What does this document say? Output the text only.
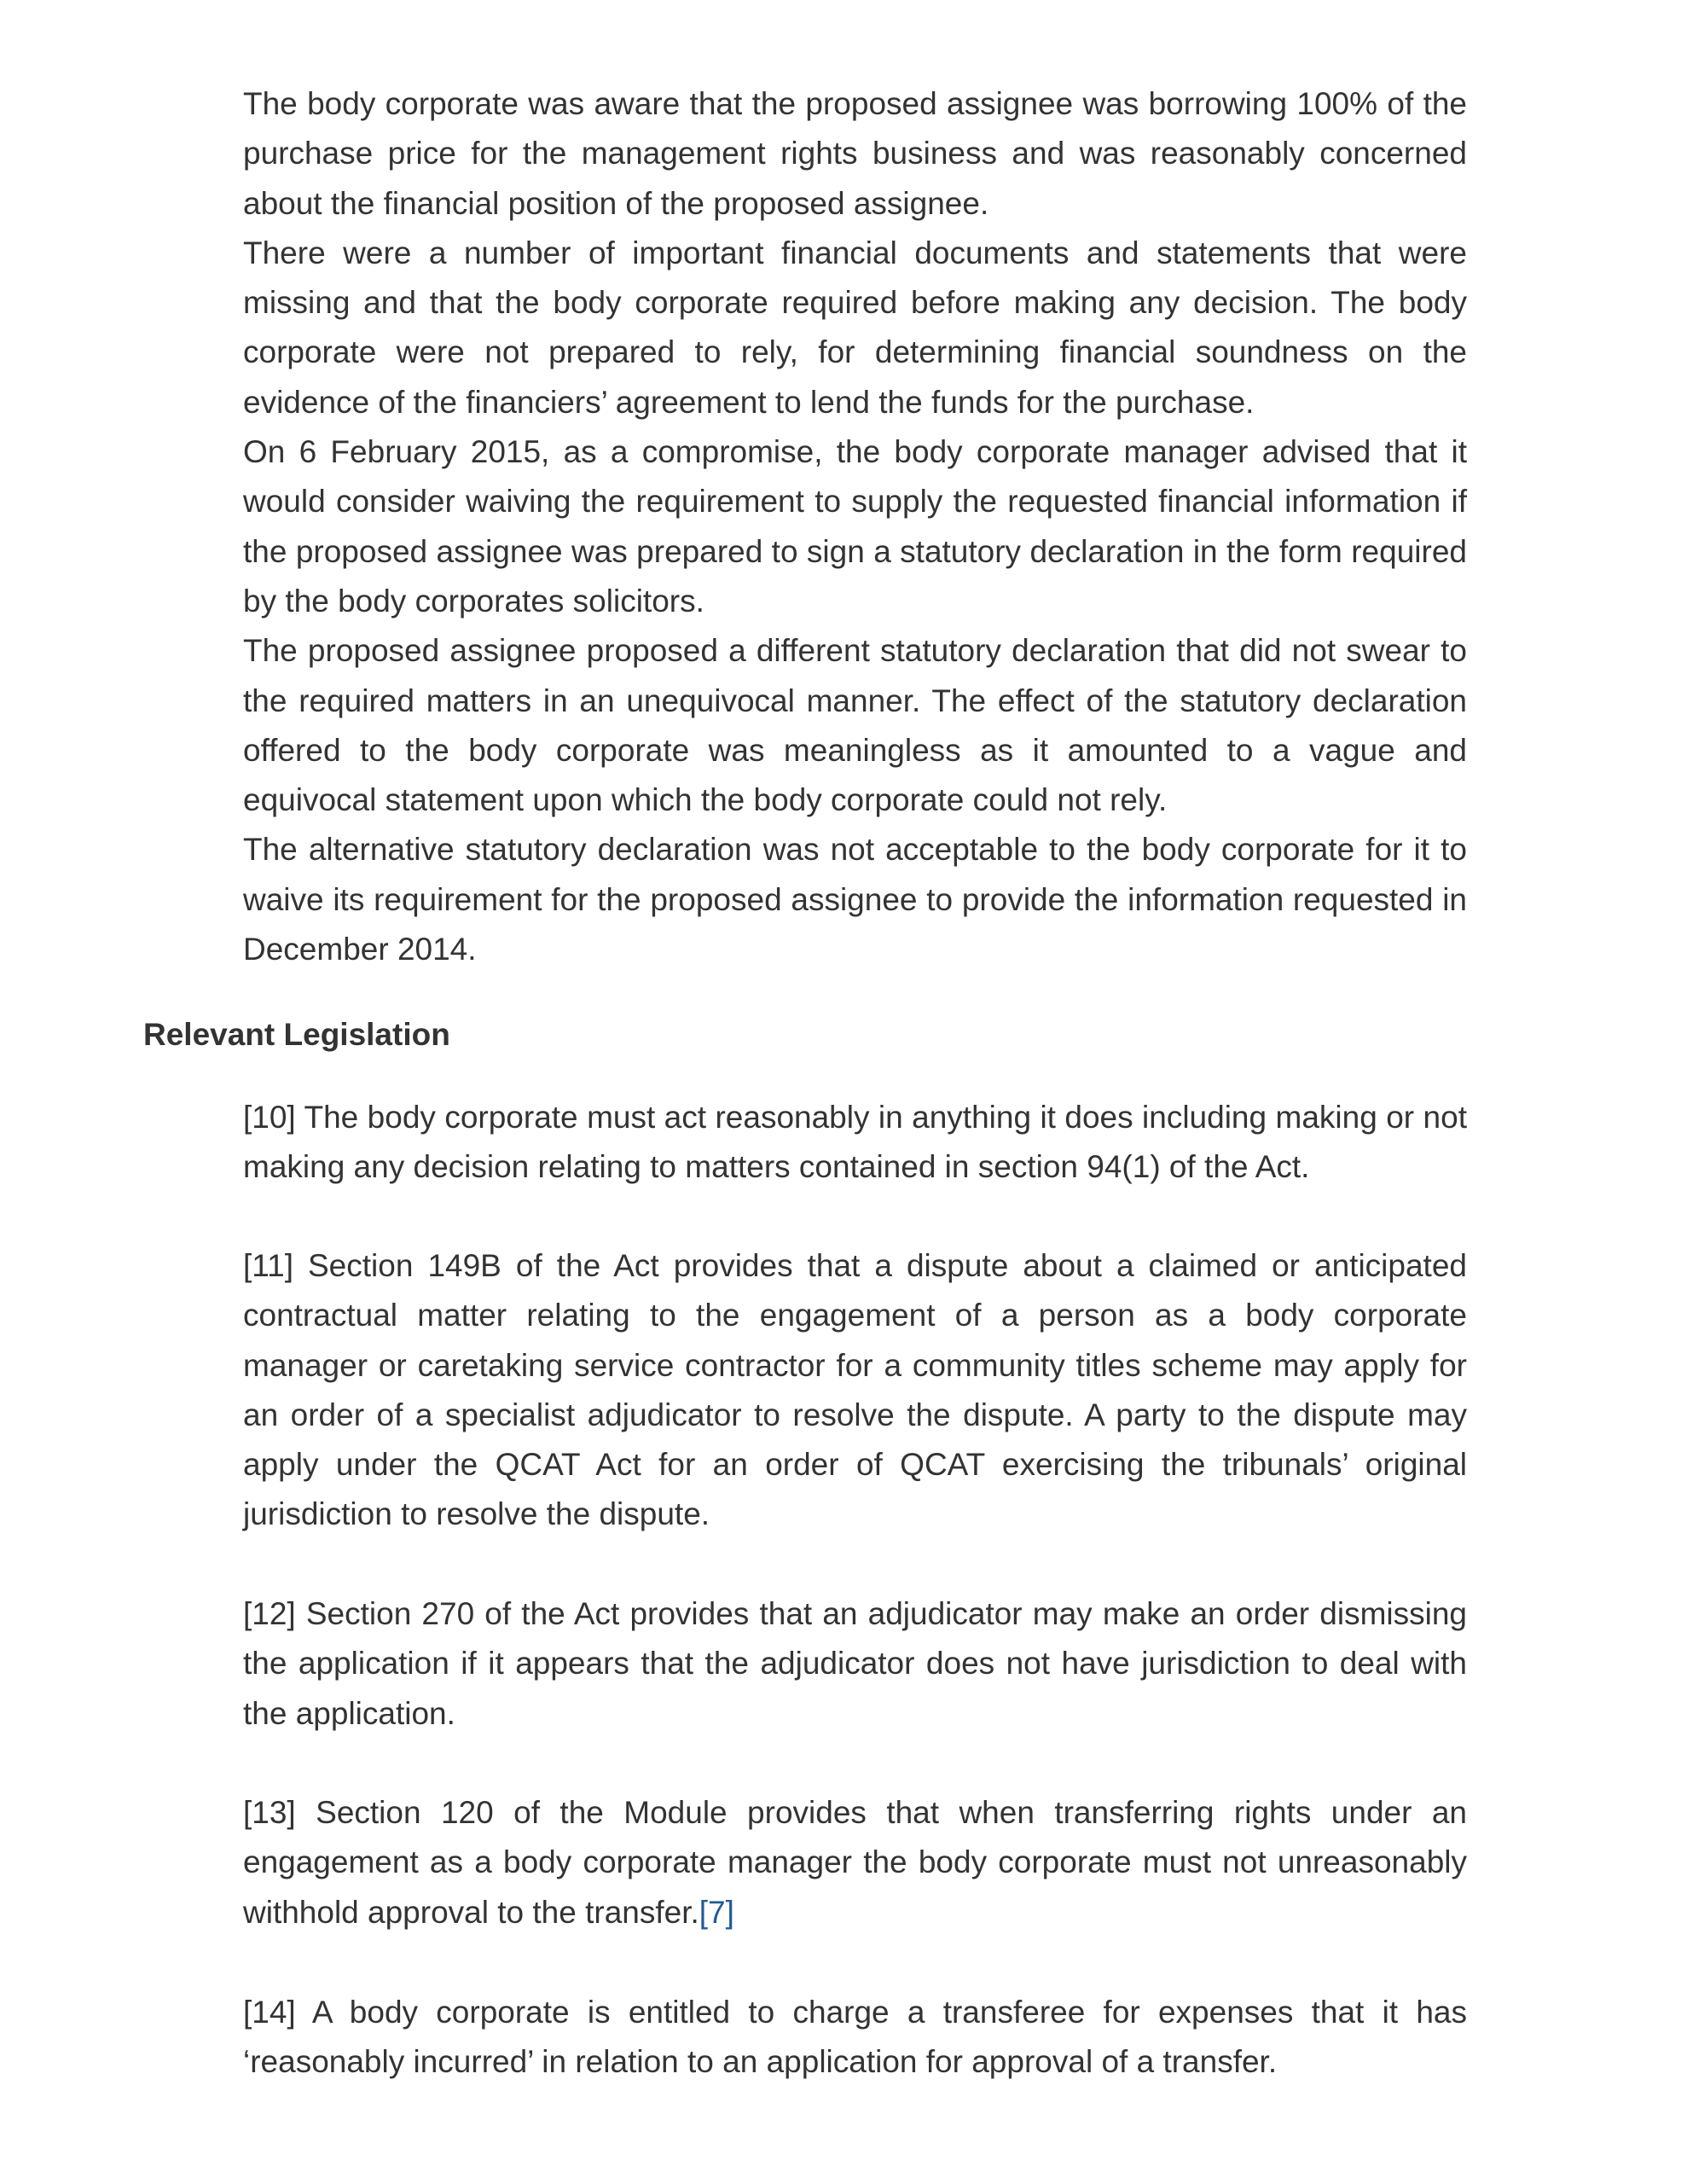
The body corporate was aware that the proposed assignee was borrowing 100% of the purchase price for the management rights business and was reasonably concerned about the financial position of the proposed assignee.

There were a number of important financial documents and statements that were missing and that the body corporate required before making any decision. The body corporate were not prepared to rely, for determining financial soundness on the evidence of the financiers’ agreement to lend the funds for the purchase.

On 6 February 2015, as a compromise, the body corporate manager advised that it would consider waiving the requirement to supply the requested financial information if the proposed assignee was prepared to sign a statutory declaration in the form required by the body corporates solicitors.

The proposed assignee proposed a different statutory declaration that did not swear to the required matters in an unequivocal manner. The effect of the statutory declaration offered to the body corporate was meaningless as it amounted to a vague and equivocal statement upon which the body corporate could not rely.

The alternative statutory declaration was not acceptable to the body corporate for it to waive its requirement for the proposed assignee to provide the information requested in December 2014.

Relevant Legislation

[10] The body corporate must act reasonably in anything it does including making or not making any decision relating to matters contained in section 94(1) of the Act.

[11] Section 149B of the Act provides that a dispute about a claimed or anticipated contractual matter relating to the engagement of a person as a body corporate manager or caretaking service contractor for a community titles scheme may apply for an order of a specialist adjudicator to resolve the dispute. A party to the dispute may apply under the QCAT Act for an order of QCAT exercising the tribunals’ original jurisdiction to resolve the dispute.

[12] Section 270 of the Act provides that an adjudicator may make an order dismissing the application if it appears that the adjudicator does not have jurisdiction to deal with the application.

[13] Section 120 of the Module provides that when transferring rights under an engagement as a body corporate manager the body corporate must not unreasonably withhold approval to the transfer.[7]

[14] A body corporate is entitled to charge a transferee for expenses that it has ‘reasonably incurred’ in relation to an application for approval of a transfer.
